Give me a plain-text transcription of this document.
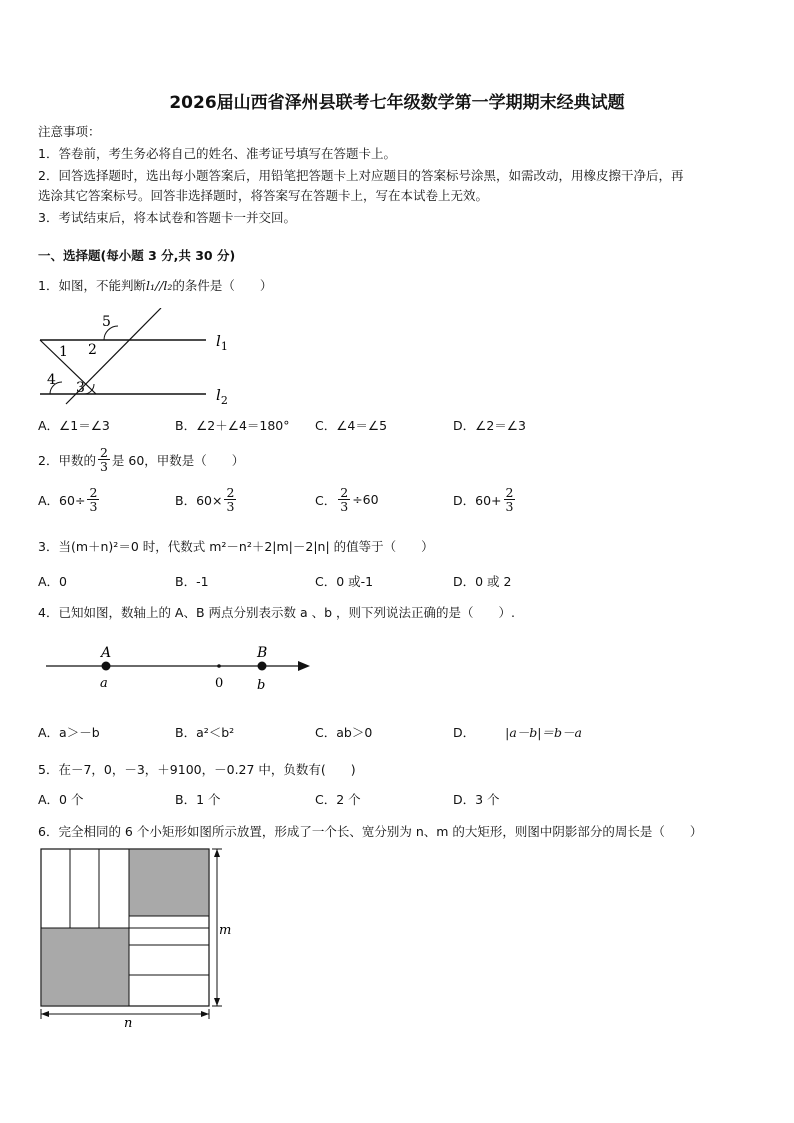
2026届山西省泽州县联考七年级数学第一学期期末经典试题
注意事项：
1．答卷前，考生务必将自己的姓名、准考证号填写在答题卡上。
2．回答选择题时，选出每小题答案后，用铅笔把答题卡上对应题目的答案标号涂黑，如需改动，用橡皮擦干净后，再
选涂其它答案标号。回答非选择题时，将答案写在答题卡上，写在本试卷上无效。
3．考试结束后，将本试卷和答题卡一并交回。
一、选择题(每小题 3 分,共 30 分)
1．如图，不能判断l₁//l₂的条件是（　　）
5
1 2
4 3
$l_1$
$l_2$
A．∠1＝∠3	B．∠2＋∠4＝180° C．∠4＝∠5	D．∠2＝∠3
2．甲数的 $\frac{2}{3}$ 是 60，甲数是（　　）
A．$60\div \frac{2}{3}$	B．$60\times \frac{2}{3}$	C． $\frac{2}{3} \div 60$	D．$60+ \frac{2}{3}$
3．当(m＋n)²＝0 时，代数式 m²－n²＋2|m|－2|n| 的值等于（　　）
A．0	B．-1	C．0 或-1	D．0 或 2
4．已知如图，数轴上的 A、B 两点分别表示数 a 、b ，则下列说法正确的是（　　）.
A
a	0
B
b
A．a＞－b	B．a²＜b²	C．ab＞0	D． |a－b|＝b－a
5．在－7，0，－3，＋9100，－0.27 中，负数有(　　)
A．0 个	B．1 个	C．2 个	D．3 个
6．完全相同的 6 个小矩形如图所示放置，形成了一个长、宽分别为 n、m 的大矩形，则图中阴影部分的周长是（　　）
m
n
